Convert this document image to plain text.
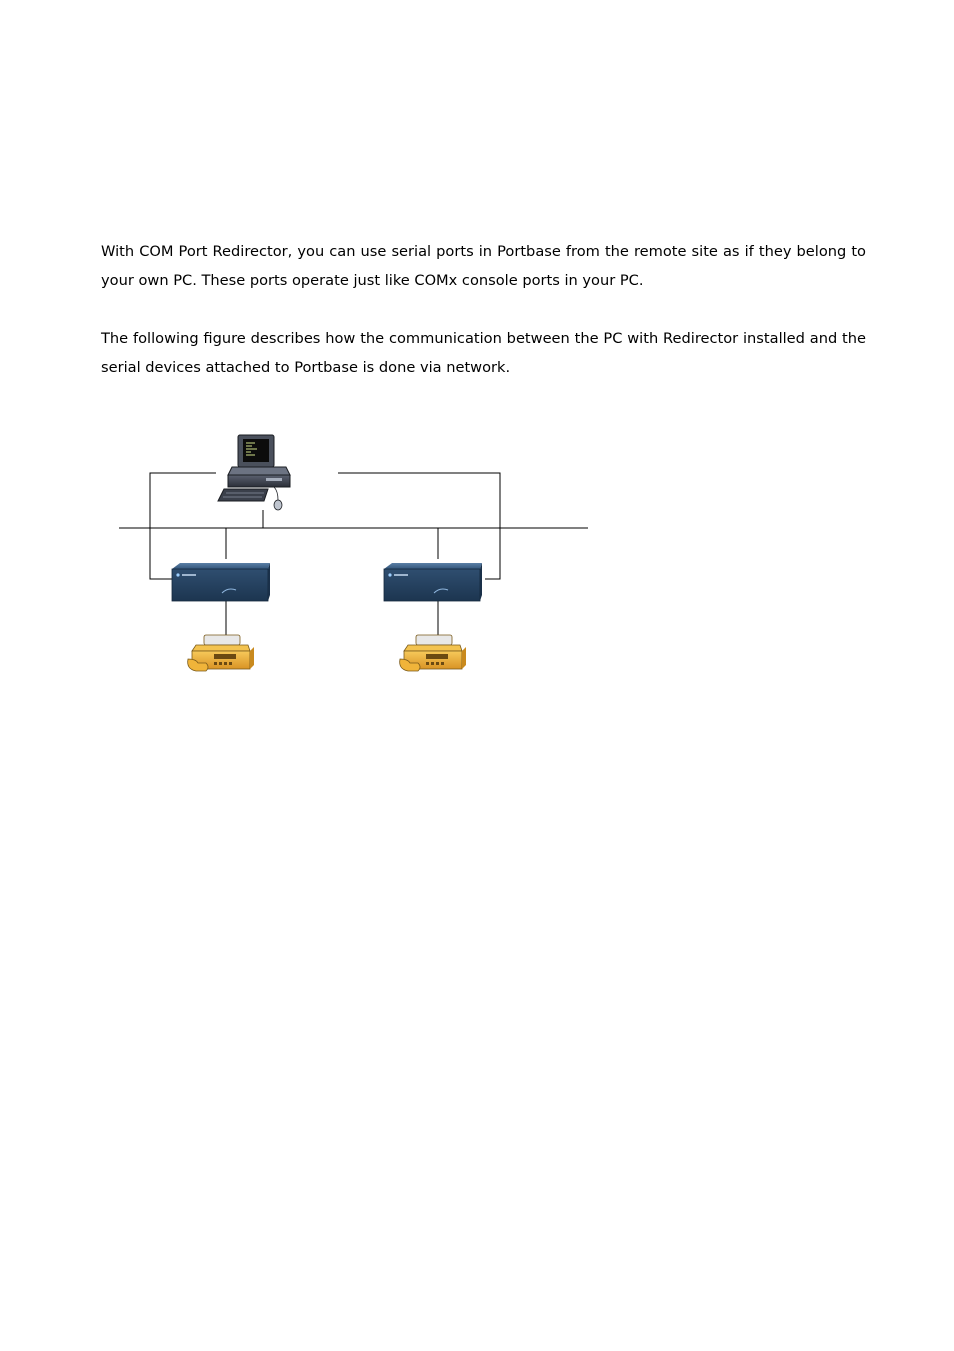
With COM Port Redirector, you can use serial ports in Portbase from the remote site as if they belong to your own PC. These ports operate just like COMx console ports in your PC.

The following figure describes how the communication between the PC with Redirector installed and the serial devices attached to Portbase is done via network.
